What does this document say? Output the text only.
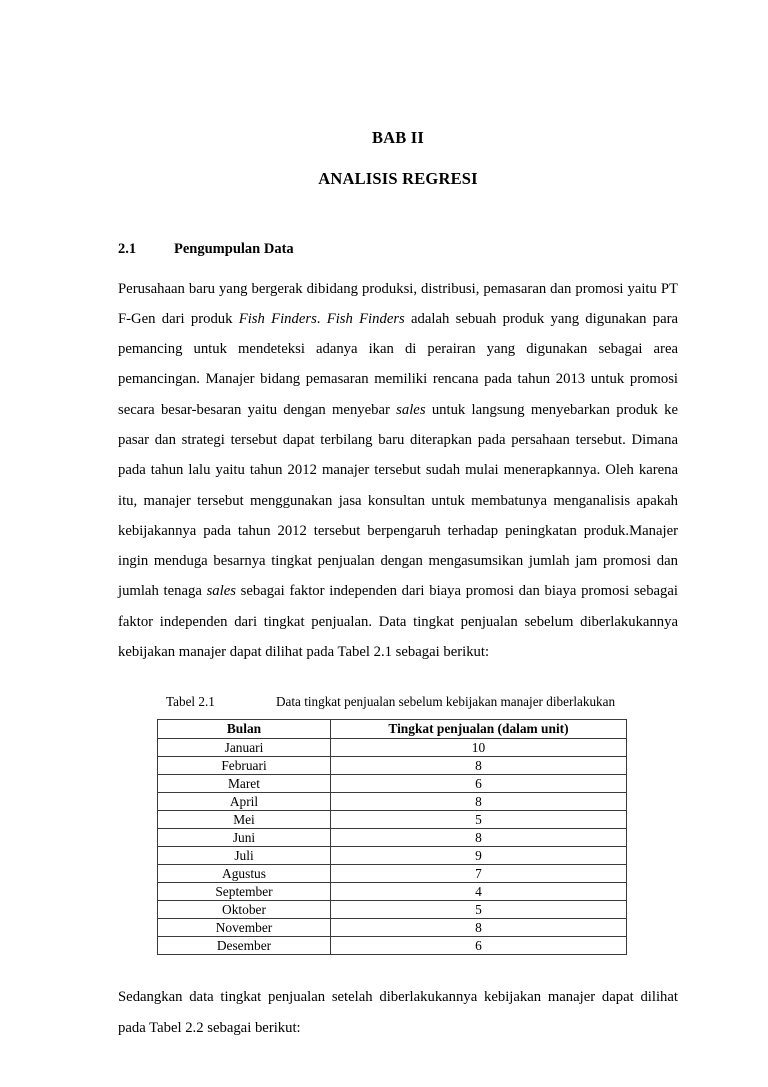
BAB II
ANALISIS REGRESI
2.1	Pengumpulan Data

Perusahaan baru yang bergerak dibidang produksi, distribusi, pemasaran dan promosi yaitu PT F-Gen dari produk Fish Finders. Fish Finders adalah sebuah produk yang digunakan para pemancing untuk mendeteksi adanya ikan di perairan yang digunakan sebagai area pemancingan. Manajer bidang pemasaran memiliki rencana pada tahun 2013 untuk promosi secara besar-besaran yaitu dengan menyebar sales untuk langsung menyebarkan produk ke pasar dan strategi tersebut dapat terbilang baru diterapkan pada persahaan tersebut. Dimana pada tahun lalu yaitu tahun 2012 manajer tersebut sudah mulai menerapkannya. Oleh karena itu, manajer tersebut menggunakan jasa konsultan untuk membatunya menganalisis apakah kebijakannya pada tahun 2012 tersebut berpengaruh terhadap peningkatan produk.Manajer ingin menduga besarnya tingkat penjualan dengan mengasumsikan jumlah jam promosi dan jumlah tenaga sales sebagai faktor independen dari biaya promosi dan biaya promosi sebagai faktor independen dari tingkat penjualan. Data tingkat penjualan sebelum diberlakukannya kebijakan manajer dapat dilihat pada Tabel 2.1 sebagai berikut:

Tabel 2.1	Data tingkat penjualan sebelum kebijakan manajer diberlakukan
Bulan	Tingkat penjualan (dalam unit)
Januari	10
Februari	8
Maret	6
April	8
Mei	5
Juni	8
Juli	9
Agustus	7
September	4
Oktober	5
November	8
Desember	6

Sedangkan data tingkat penjualan setelah diberlakukannya kebijakan manajer dapat dilihat pada Tabel 2.2 sebagai berikut:
